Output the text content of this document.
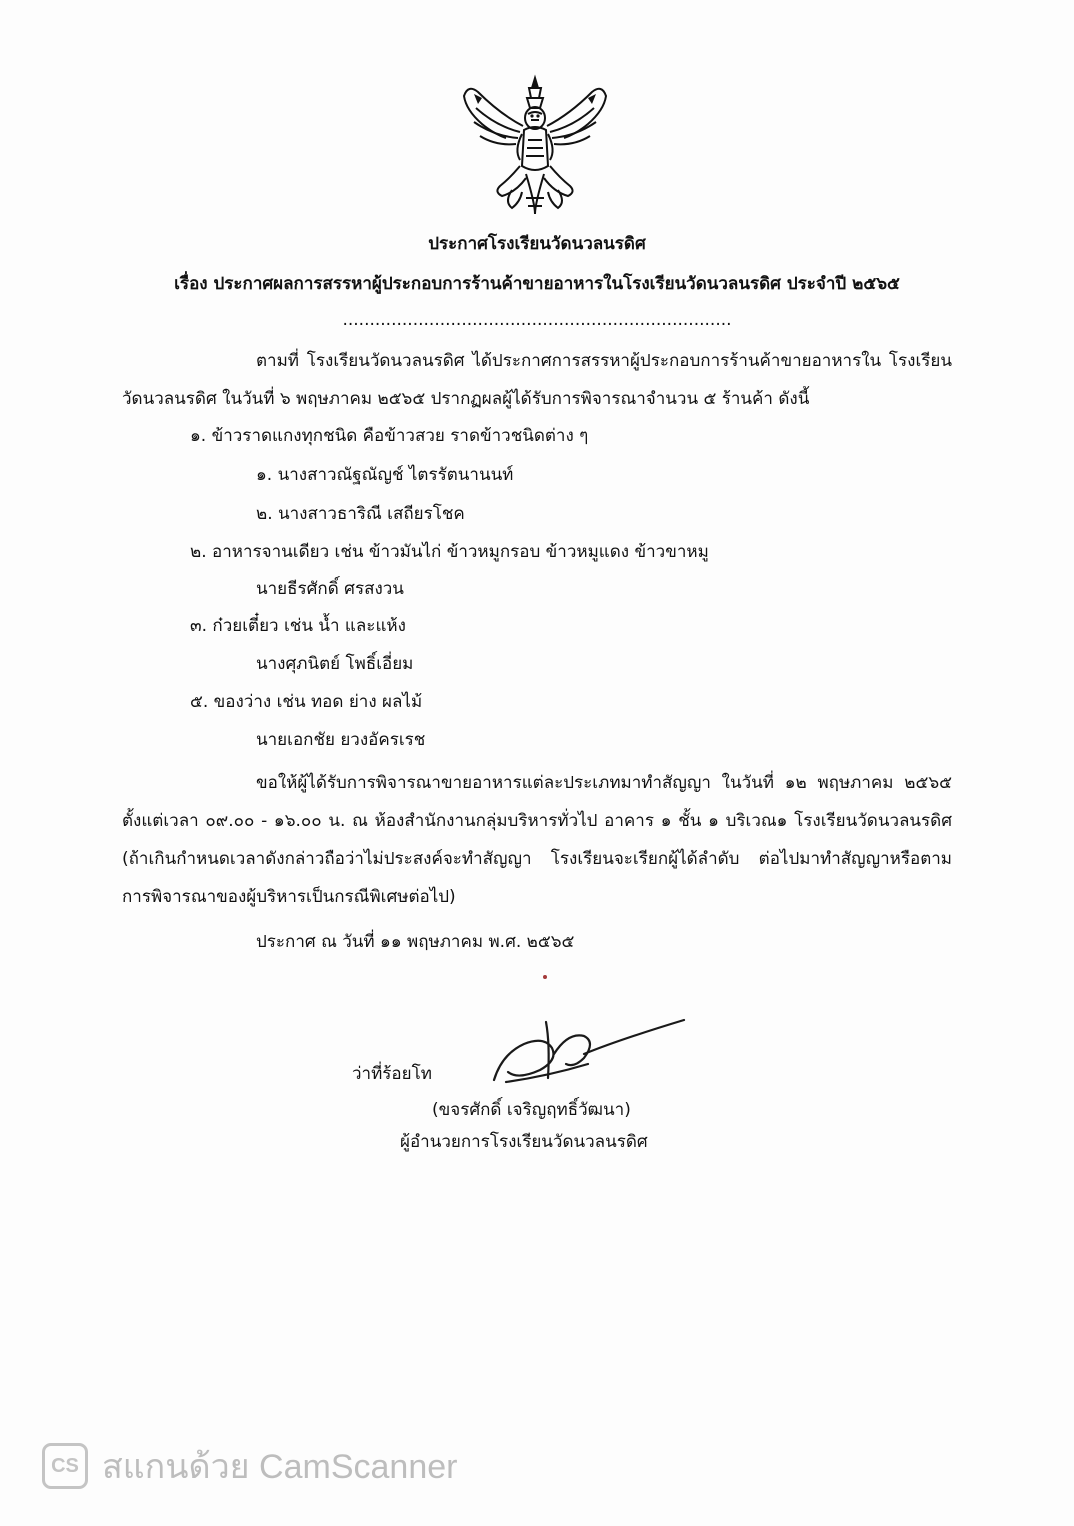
ประกาศโรงเรียนวัดนวลนรดิศ
เรื่อง ประกาศผลการสรรหาผู้ประกอบการร้านค้าขายอาหารในโรงเรียนวัดนวลนรดิศ ประจำปี ๒๕๖๕
........................................................................
ตามที่ โรงเรียนวัดนวลนรดิศ ได้ประกาศการสรรหาผู้ประกอบการร้านค้าขายอาหารใน โรงเรียนวัดนวลนรดิศ ในวันที่ ๖ พฤษภาคม ๒๕๖๕ ปรากฏผลผู้ได้รับการพิจารณาจำนวน ๕ ร้านค้า ดังนี้
๑. ข้าวราดแกงทุกชนิด คือข้าวสวย ราดข้าวชนิดต่าง ๆ
๑. นางสาวณัฐณัญช์ ไตรรัตนานนท์
๒. นางสาวธาริณี เสถียรโชค
๒. อาหารจานเดียว เช่น ข้าวมันไก่ ข้าวหมูกรอบ ข้าวหมูแดง ข้าวขาหมู
นายธีรศักดิ์ ศรสงวน
๓. ก๋วยเตี๋ยว เช่น น้ำ และแห้ง
นางศุภนิตย์ โพธิ์เอี่ยม
๕. ของว่าง เช่น ทอด ย่าง ผลไม้
นายเอกชัย ยวงอัครเรช
ขอให้ผู้ได้รับการพิจารณาขายอาหารแต่ละประเภทมาทำสัญญา ในวันที่ ๑๒ พฤษภาคม ๒๕๖๕ ตั้งแต่เวลา ๐๙.๐๐ - ๑๖.๐๐ น. ณ ห้องสำนักงานกลุ่มบริหารทั่วไป อาคาร ๑ ชั้น ๑ บริเวณ๑ โรงเรียนวัดนวลนรดิศ (ถ้าเกินกำหนดเวลาดังกล่าวถือว่าไม่ประสงค์จะทำสัญญา โรงเรียนจะเรียกผู้ได้ลำดับ ต่อไปมาทำสัญญาหรือตามการพิจารณาของผู้บริหารเป็นกรณีพิเศษต่อไป)
ประกาศ ณ วันที่ ๑๑ พฤษภาคม พ.ศ. ๒๕๖๕
ว่าที่ร้อยโท
(ขจรศักดิ์ เจริญฤทธิ์วัฒนา)
ผู้อำนวยการโรงเรียนวัดนวลนรดิศ
CS สแกนด้วย CamScanner
